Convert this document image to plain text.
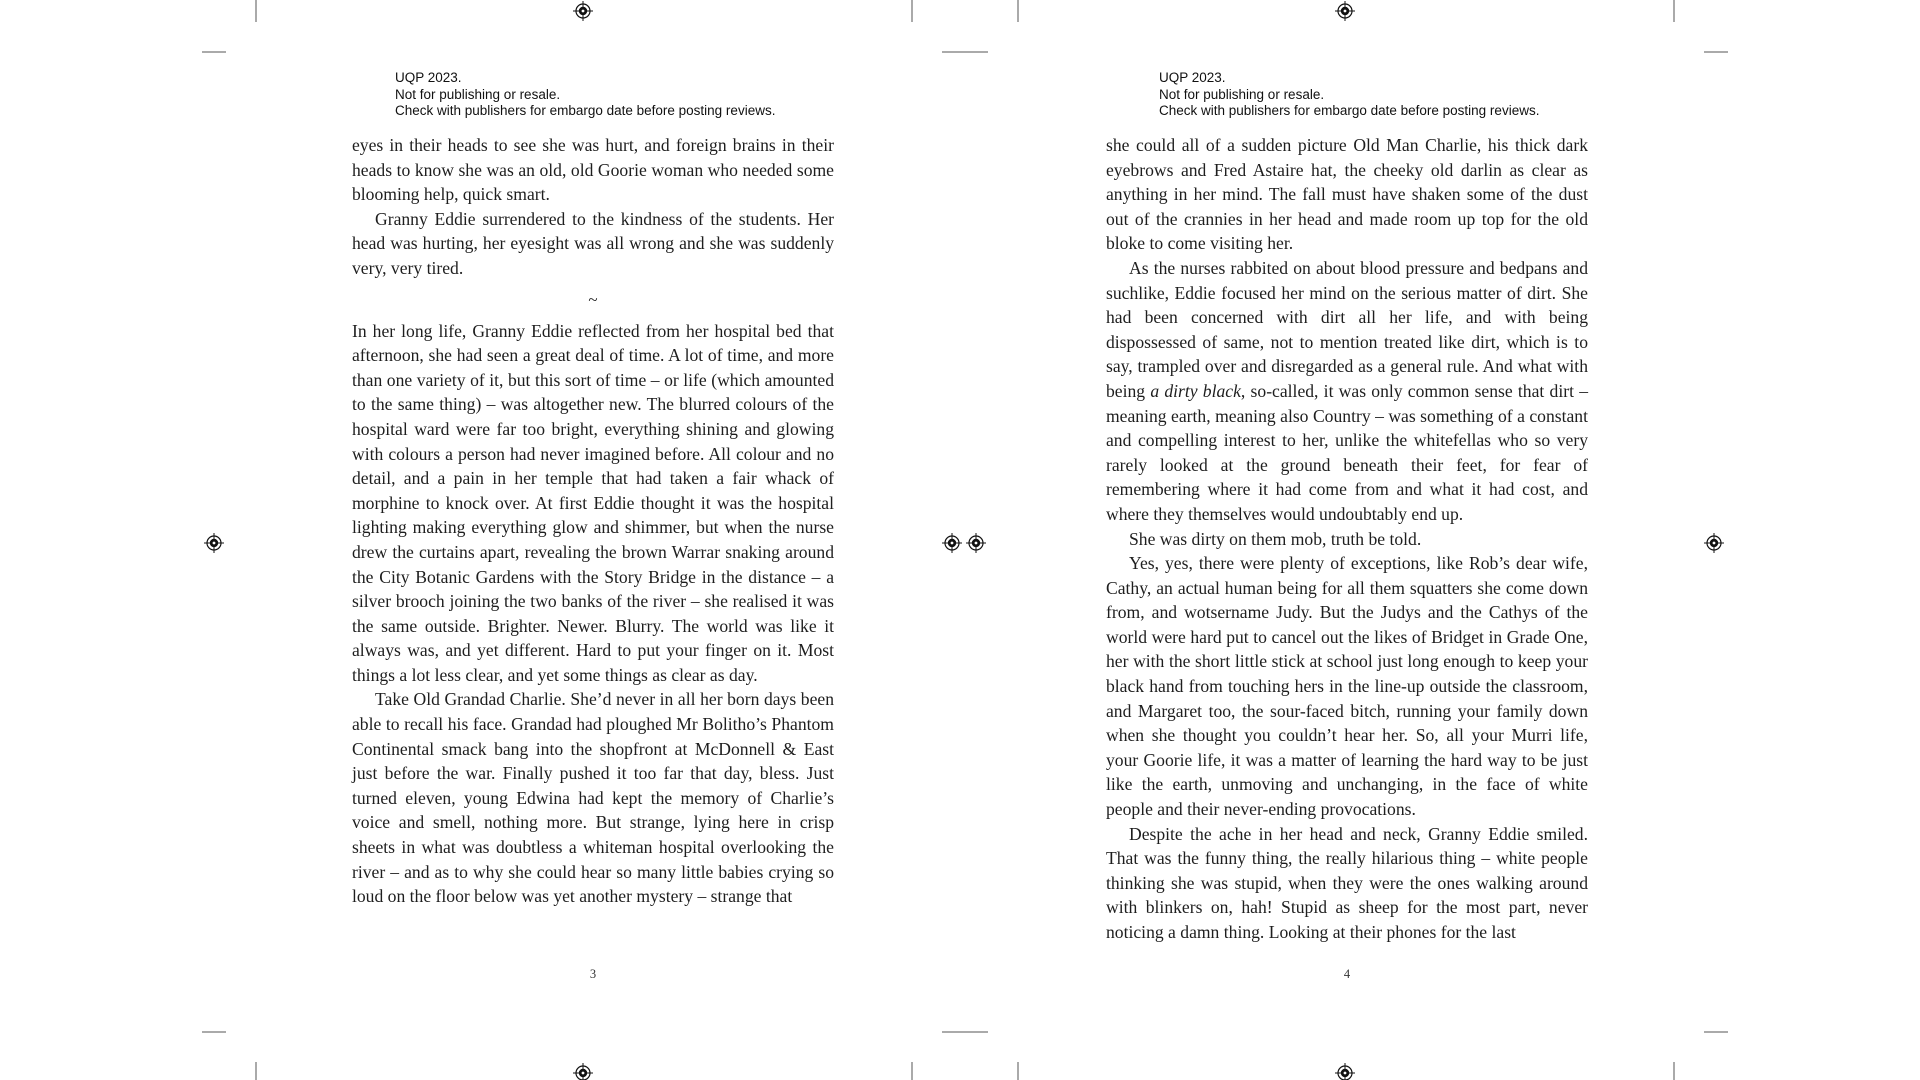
UQP 2023.
Not for publishing or resale.
Check with publishers for embargo date before posting reviews.

eyes in their heads to see she was hurt, and foreign brains in their heads to know she was an old, old Goorie woman who needed some blooming help, quick smart.

Granny Eddie surrendered to the kindness of the students. Her head was hurting, her eyesight was all wrong and she was suddenly very, very tired.

~

In her long life, Granny Eddie reflected from her hospital bed that afternoon, she had seen a great deal of time. A lot of time, and more than one variety of it, but this sort of time – or life (which amounted to the same thing) – was altogether new. The blurred colours of the hospital ward were far too bright, everything shining and glowing with colours a person had never imagined before. All colour and no detail, and a pain in her temple that had taken a fair whack of morphine to knock over. At first Eddie thought it was the hospital lighting making everything glow and shimmer, but when the nurse drew the curtains apart, revealing the brown Warrar snaking around the City Botanic Gardens with the Story Bridge in the distance – a silver brooch joining the two banks of the river – she realised it was the same outside. Brighter. Newer. Blurry. The world was like it always was, and yet different. Hard to put your finger on it. Most things a lot less clear, and yet some things as clear as day.

Take Old Grandad Charlie. She’d never in all her born days been able to recall his face. Grandad had ploughed Mr Bolitho’s Phantom Continental smack bang into the shopfront at McDonnell & East just before the war. Finally pushed it too far that day, bless. Just turned eleven, young Edwina had kept the memory of Charlie’s voice and smell, nothing more. But strange, lying here in crisp sheets in what was doubtless a whiteman hospital overlooking the river – and as to why she could hear so many little babies crying so loud on the floor below was yet another mystery – strange that

3
UQP 2023.
Not for publishing or resale.
Check with publishers for embargo date before posting reviews.

she could all of a sudden picture Old Man Charlie, his thick dark eyebrows and Fred Astaire hat, the cheeky old darlin as clear as anything in her mind. The fall must have shaken some of the dust out of the crannies in her head and made room up top for the old bloke to come visiting her.

As the nurses rabbited on about blood pressure and bedpans and suchlike, Eddie focused her mind on the serious matter of dirt. She had been concerned with dirt all her life, and with being dispossessed of same, not to mention treated like dirt, which is to say, trampled over and disregarded as a general rule. And what with being a dirty black, so-called, it was only common sense that dirt – meaning earth, meaning also Country – was something of a constant and compelling interest to her, unlike the whitefellas who so very rarely looked at the ground beneath their feet, for fear of remembering where it had come from and what it had cost, and where they themselves would undoubtably end up.

She was dirty on them mob, truth be told.

Yes, yes, there were plenty of exceptions, like Rob’s dear wife, Cathy, an actual human being for all them squatters she come down from, and wotsername Judy. But the Judys and the Cathys of the world were hard put to cancel out the likes of Bridget in Grade One, her with the short little stick at school just long enough to keep your black hand from touching hers in the line-up outside the classroom, and Margaret too, the sour-faced bitch, running your family down when she thought you couldn’t hear her. So, all your Murri life, your Goorie life, it was a matter of learning the hard way to be just like the earth, unmoving and unchanging, in the face of white people and their never-ending provocations.

Despite the ache in her head and neck, Granny Eddie smiled. That was the funny thing, the really hilarious thing – white people thinking she was stupid, when they were the ones walking around with blinkers on, hah! Stupid as sheep for the most part, never noticing a damn thing. Looking at their phones for the last

4
